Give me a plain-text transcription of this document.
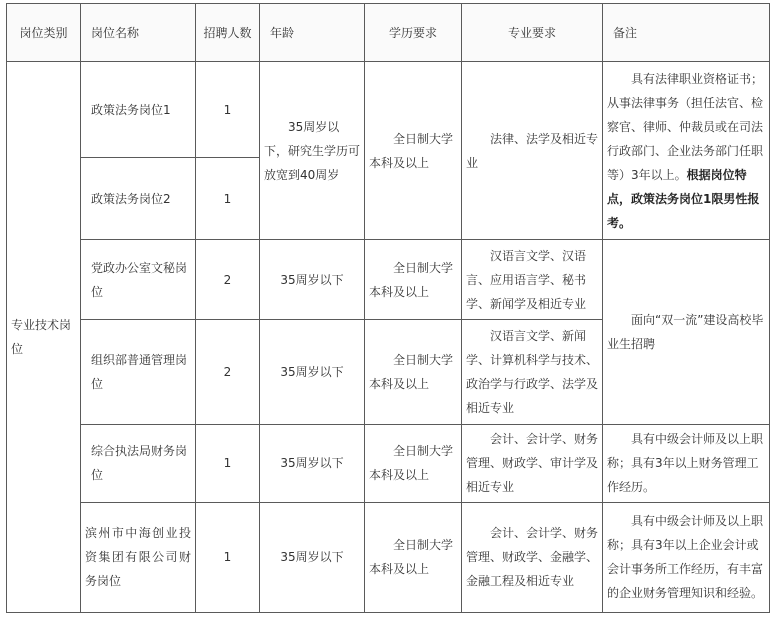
岗位类别	岗位名称	招聘人数	年龄	学历要求	专业要求	备注
专业技术岗位	政策法务岗位1	1	35周岁以下，研究生学历可放宽到40周岁	全日制大学本科及以上	法律、法学及相近专业	具有法律职业资格证书；从事法律事务（担任法官、检察官、律师、仲裁员或在司法行政部门、企业法务部门任职等）3年以上。根据岗位特点，政策法务岗位1限男性报考。
	政策法务岗位2	1				
	党政办公室文秘岗位	2	35周岁以下	全日制大学本科及以上	汉语言文学、汉语言、应用语言学、秘书学、新闻学及相近专业	面向“双一流”建设高校毕业生招聘
	组织部普通管理岗位	2	35周岁以下	全日制大学本科及以上	汉语言文学、新闻学、计算机科学与技术、政治学与行政学、法学及相近专业	
	综合执法局财务岗位	1	35周岁以下	全日制大学本科及以上	会计、会计学、财务管理、财政学、审计学及相近专业	具有中级会计师及以上职称；具有3年以上财务管理工作经历。
	滨州市中海创业投资集团有限公司财务岗位	1	35周岁以下	全日制大学本科及以上	会计、会计学、财务管理、财政学、金融学、金融工程及相近专业	具有中级会计师及以上职称；具有3年以上企业会计或会计事务所工作经历，有丰富的企业财务管理知识和经验。
